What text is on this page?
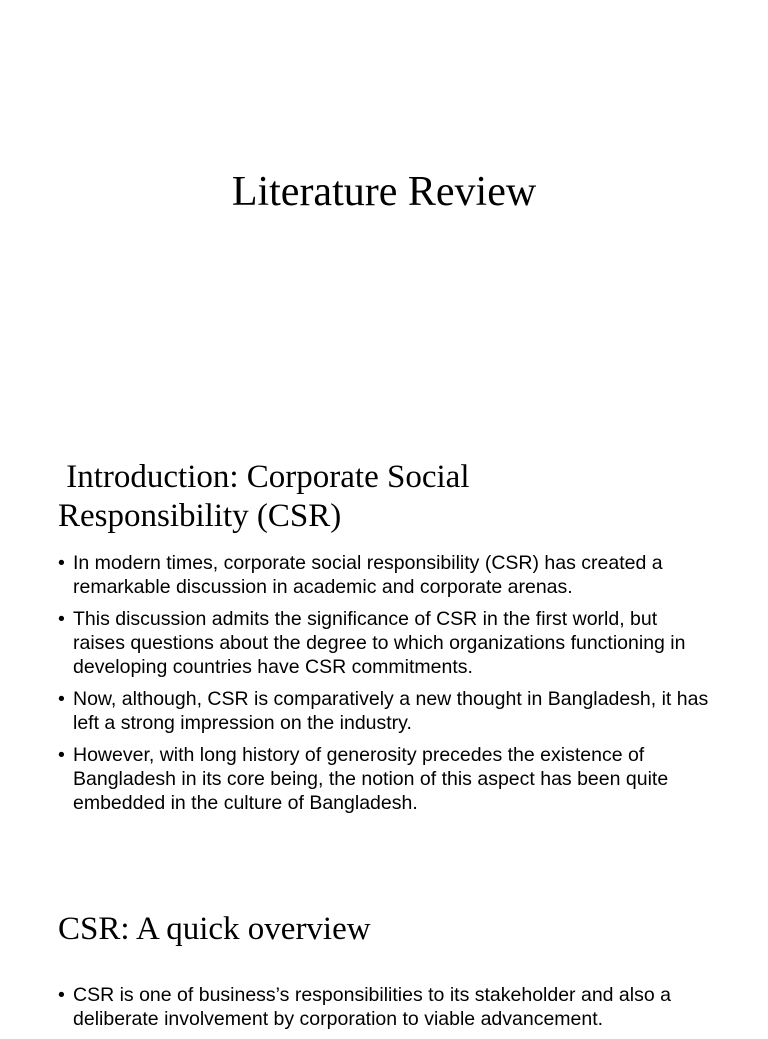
Literature Review
Introduction: Corporate Social
Responsibility (CSR)
• In modern times, corporate social responsibility (CSR) has created a
remarkable discussion in academic and corporate arenas.
• This discussion admits the significance of CSR in the first world, but
raises questions about the degree to which organizations functioning in
developing countries have CSR commitments.
• Now, although, CSR is comparatively a new thought in Bangladesh, it has
left a strong impression on the industry.
• However, with long history of generosity precedes the existence of
Bangladesh in its core being, the notion of this aspect has been quite
embedded in the culture of Bangladesh.
CSR: A quick overview
• CSR is one of business’s responsibilities to its stakeholder and also a
deliberate involvement by corporation to viable advancement.
